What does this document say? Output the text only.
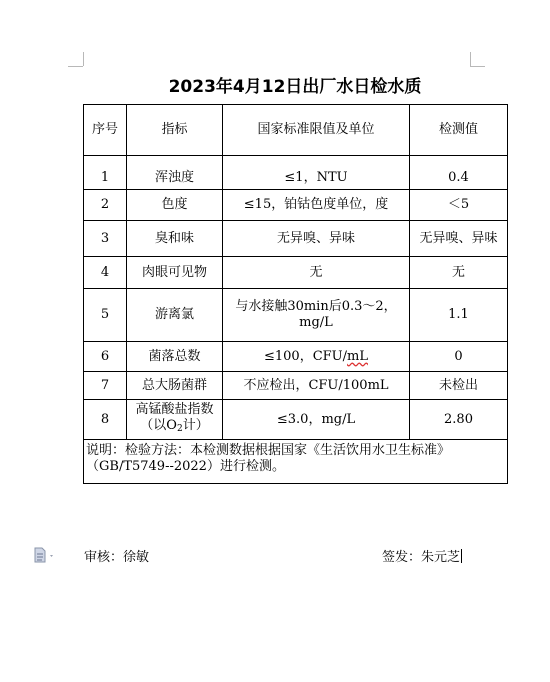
2023年4月12日出厂水日检水质
序号	指标	国家标准限值及单位	检测值
1	浑浊度	≤1，NTU	0.4
2	色度	≤15，铂钴色度单位，度	＜5
3	臭和味	无异嗅、异味	无异嗅、异味
4	肉眼可见物	无	无
5	游离氯	与水接触30min后0.3～2，
mg/L	1.1
6	菌落总数	≤100，CFU/mL	0
7	总大肠菌群	不应检出，CFU/100mL	未检出
8	高锰酸盐指数
（以$O_2$计）	≤3.0，mg/L	2.80
说明：检验方法：本检测数据根据国家《生活饮用水卫生标准》（GB/T5749--2022）进行检测。			
审核：徐敏	签发：朱元芝
